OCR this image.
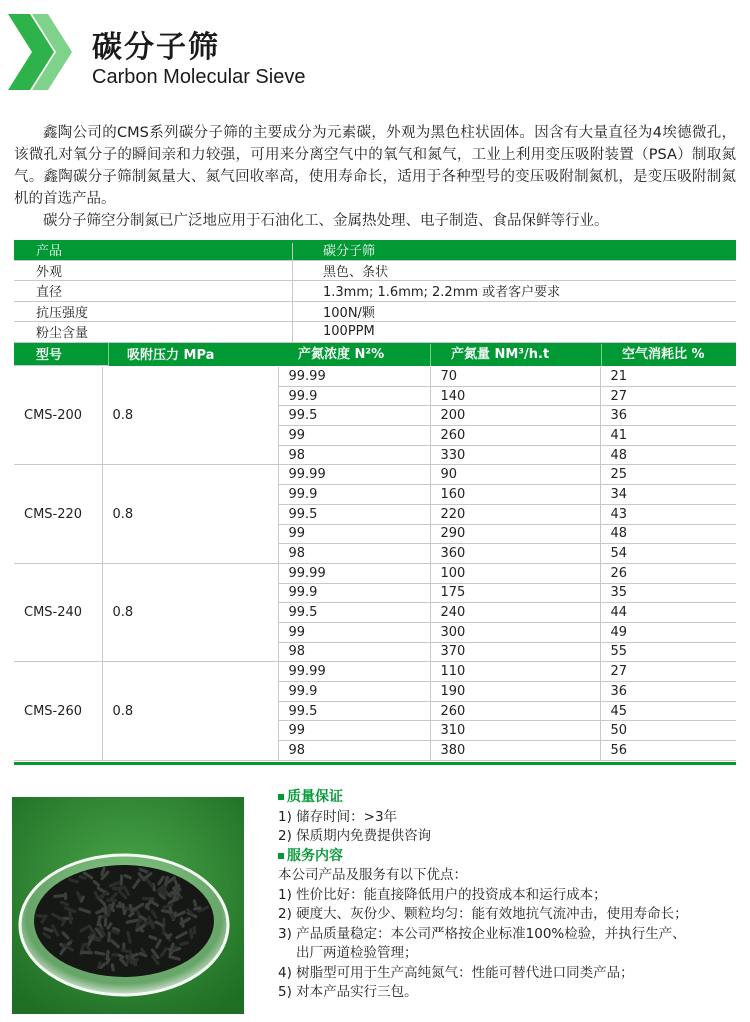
碳分子筛
Carbon Molecular Sieve

鑫陶公司的CMS系列碳分子筛的主要成分为元素碳，外观为黑色柱状固体。因含有大量直径为4埃德微孔，该微孔对氧分子的瞬间亲和力较强，可用来分离空气中的氧气和氮气，工业上利用变压吸附装置（PSA）制取氮气。鑫陶碳分子筛制氮量大、氮气回收率高，使用寿命长，适用于各种型号的变压吸附制氮机，是变压吸附制氮机的首选产品。

碳分子筛空分制氮已广泛地应用于石油化工、金属热处理、电子制造、食品保鲜等行业。

产品	碳分子筛
外观	黑色、条状
直径	1.3mm; 1.6mm; 2.2mm 或者客户要求
抗压强度	100N/颗
粉尘含量	100PPM

型号	吸附压力 MPa	产氮浓度 N²%	产氮量 NM³/h.t	空气消耗比 %
CMS-200	0.8	99.99	70	21
		99.9	140	27
		99.5	200	36
		99	260	41
		98	330	48
CMS-220	0.8	99.99	90	25
		99.9	160	34
		99.5	220	43
		99	290	48
		98	360	54
CMS-240	0.8	99.99	100	26
		99.9	175	35
		99.5	240	44
		99	300	49
		98	370	55
CMS-260	0.8	99.99	110	27
		99.9	190	36
		99.5	260	45
		99	310	50
		98	380	56

质量保证

1) 储存时间：>3年

2) 保质期内免费提供咨询

服务内容

本公司产品及服务有以下优点：

1) 性价比好：能直接降低用户的投资成本和运行成本；

2) 硬度大、灰份少、颗粒均匀：能有效地抗气流冲击，使用寿命长；

3) 产品质量稳定：本公司严格按企业标准100%检验，并执行生产、

出厂两道检验管理；

4) 树脂型可用于生产高纯氮气：性能可替代进口同类产品；

5) 对本产品实行三包。
